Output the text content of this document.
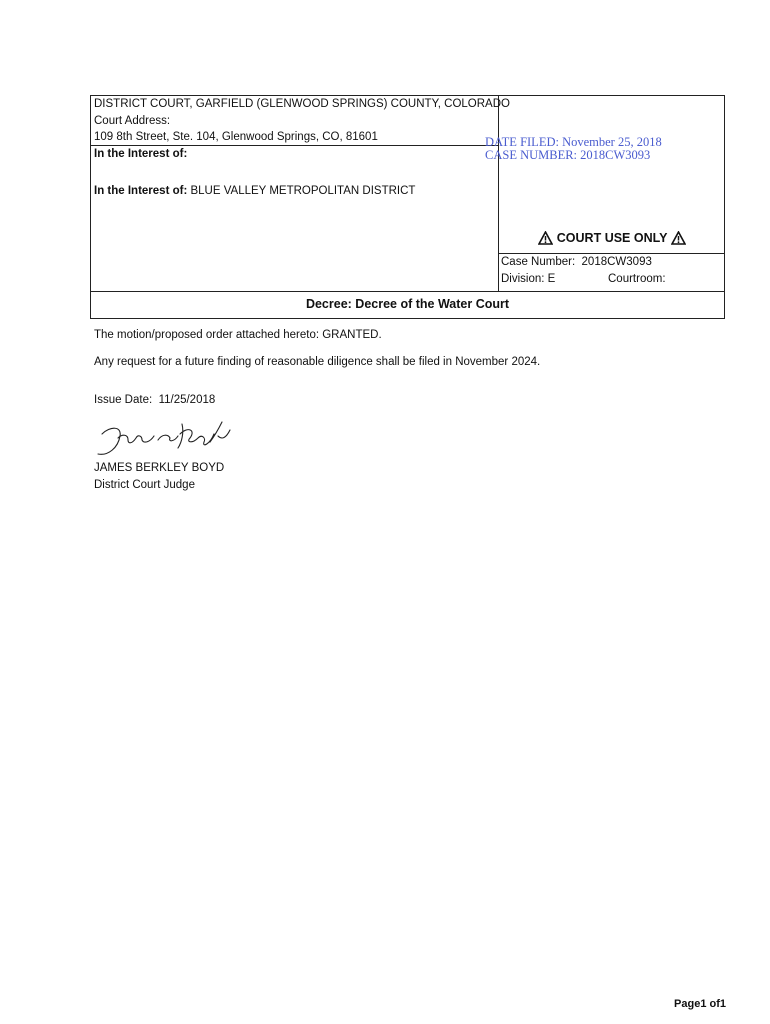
DISTRICT COURT, GARFIELD (GLENWOOD SPRINGS) COUNTY, COLORADO
Court Address:
109 8th Street, Ste. 104, Glenwood Springs, CO, 81601
In the Interest of:
In the Interest of: BLUE VALLEY METROPOLITAN DISTRICT
COURT USE ONLY
Case Number: 2018CW3093
Division: E	Courtroom:
Decree: Decree of the Water Court
DATE FILED: November 25, 2018
CASE NUMBER: 2018CW3093
The motion/proposed order attached hereto: GRANTED.
Any request for a future finding of reasonable diligence shall be filed in November 2024.
Issue Date: 11/25/2018
JAMES BERKLEY BOYD
District Court Judge
Page1 of1
